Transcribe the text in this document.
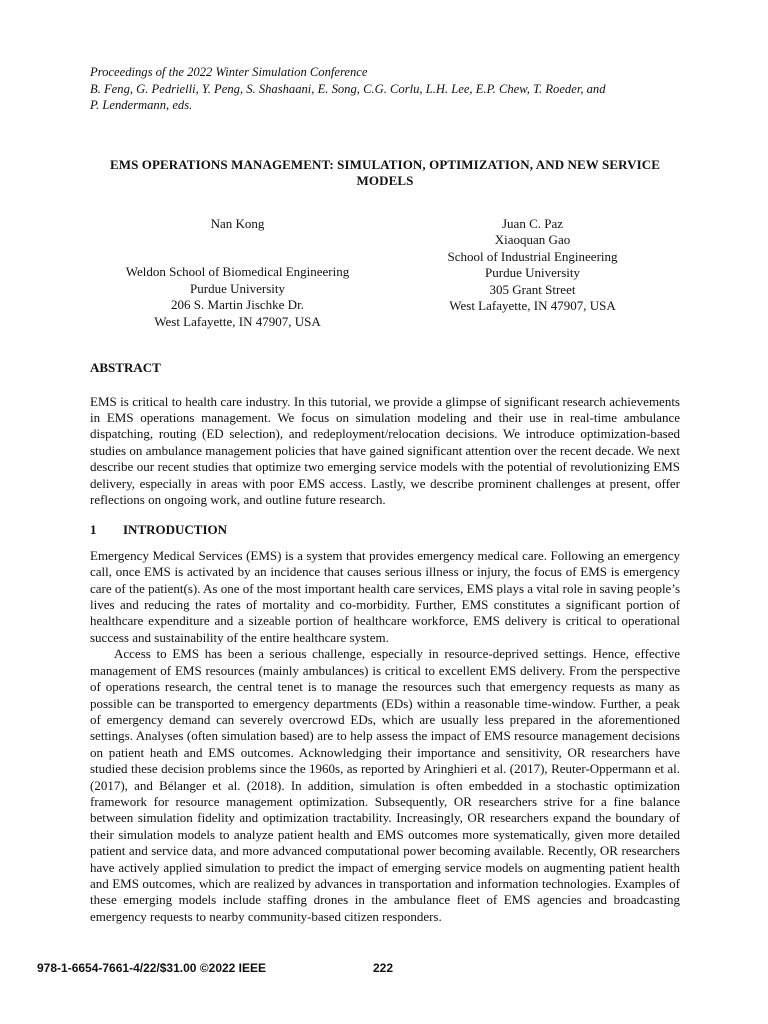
Proceedings of the 2022 Winter Simulation Conference

B. Feng, G. Pedrielli, Y. Peng, S. Shashaani, E. Song, C.G. Corlu, L.H. Lee, E.P. Chew, T. Roeder, and

P. Lendermann, eds.

EMS OPERATIONS MANAGEMENT: SIMULATION, OPTIMIZATION, AND NEW SERVICE MODELS
Nan Kong
Weldon School of Biomedical Engineering
Purdue University
206 S. Martin Jischke Dr.
West Lafayette, IN 47907, USA
Juan C. Paz
Xiaoquan Gao
School of Industrial Engineering
Purdue University
305 Grant Street
West Lafayette, IN 47907, USA
ABSTRACT

EMS is critical to health care industry. In this tutorial, we provide a glimpse of significant research achievements in EMS operations management. We focus on simulation modeling and their use in real-time ambulance dispatching, routing (ED selection), and redeployment/relocation decisions. We introduce optimization-based studies on ambulance management policies that have gained significant attention over the recent decade. We next describe our recent studies that optimize two emerging service models with the potential of revolutionizing EMS delivery, especially in areas with poor EMS access. Lastly, we describe prominent challenges at present, offer reflections on ongoing work, and outline future research.

1 INTRODUCTION

Emergency Medical Services (EMS) is a system that provides emergency medical care. Following an emergency call, once EMS is activated by an incidence that causes serious illness or injury, the focus of EMS is emergency care of the patient(s). As one of the most important health care services, EMS plays a vital role in saving people’s lives and reducing the rates of mortality and co-morbidity. Further, EMS constitutes a significant portion of healthcare expenditure and a sizeable portion of healthcare workforce, EMS delivery is critical to operational success and sustainability of the entire healthcare system.

Access to EMS has been a serious challenge, especially in resource-deprived settings. Hence, effective management of EMS resources (mainly ambulances) is critical to excellent EMS delivery. From the perspective of operations research, the central tenet is to manage the resources such that emergency requests as many as possible can be transported to emergency departments (EDs) within a reasonable time-window. Further, a peak of emergency demand can severely overcrowd EDs, which are usually less prepared in the aforementioned settings. Analyses (often simulation based) are to help assess the impact of EMS resource management decisions on patient heath and EMS outcomes. Acknowledging their importance and sensitivity, OR researchers have studied these decision problems since the 1960s, as reported by Aringhieri et al. (2017), Reuter-Oppermann et al. (2017), and Bélanger et al. (2018). In addition, simulation is often embedded in a stochastic optimization framework for resource management optimization. Subsequently, OR researchers strive for a fine balance between simulation fidelity and optimization tractability. Increasingly, OR researchers expand the boundary of their simulation models to analyze patient health and EMS outcomes more systematically, given more detailed patient and service data, and more advanced computational power becoming available. Recently, OR researchers have actively applied simulation to predict the impact of emerging service models on augmenting patient health and EMS outcomes, which are realized by advances in transportation and information technologies. Examples of these emerging models include staffing drones in the ambulance fleet of EMS agencies and broadcasting emergency requests to nearby community-based citizen responders.

978-1-6654-7661-4/22/$31.00 ©2022 IEEE	222
